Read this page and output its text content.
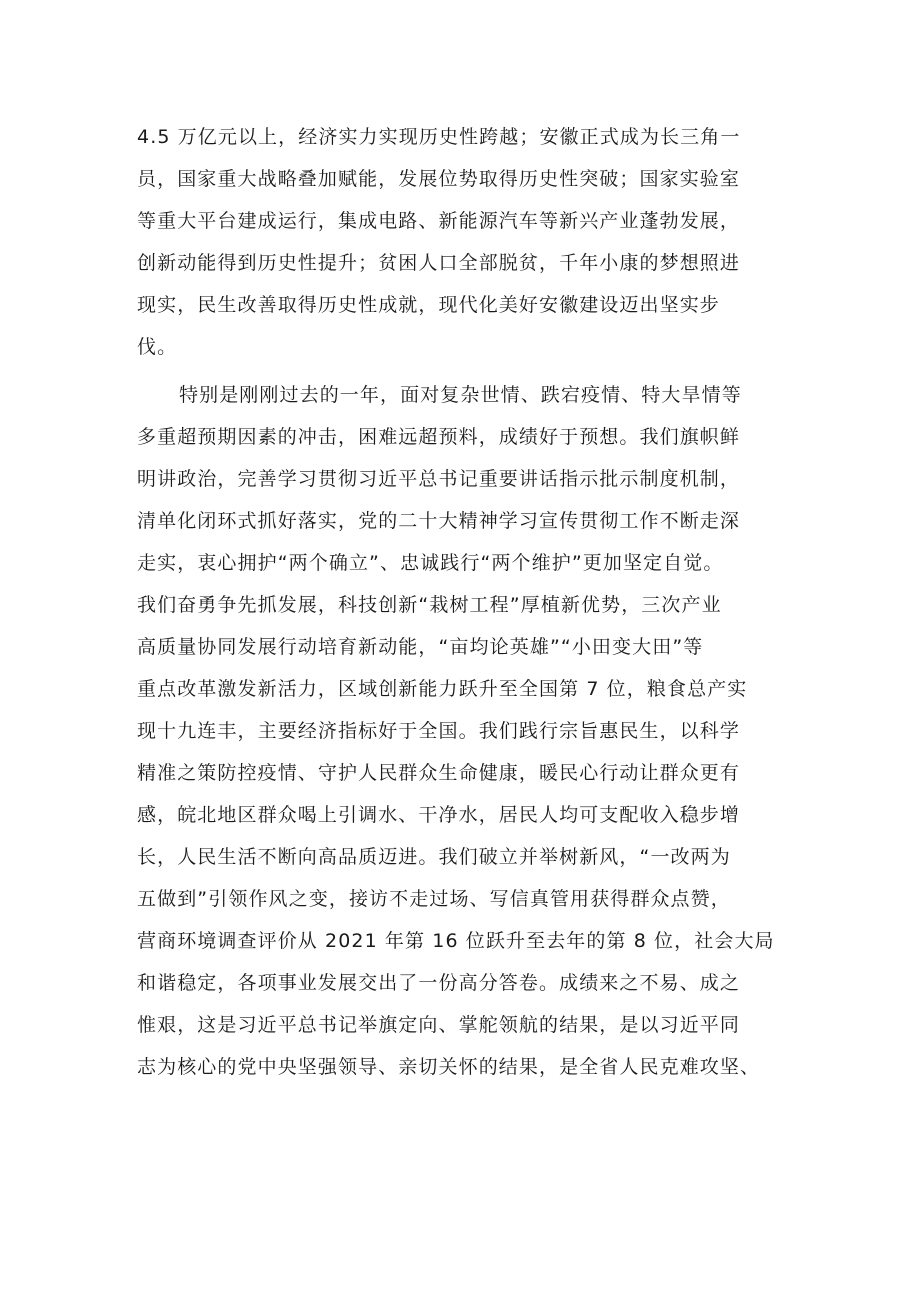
4.5 万亿元以上，经济实力实现历史性跨越；安徽正式成为长三角一
员，国家重大战略叠加赋能，发展位势取得历史性突破；国家实验室
等重大平台建成运行，集成电路、新能源汽车等新兴产业蓬勃发展，
创新动能得到历史性提升；贫困人口全部脱贫，千年小康的梦想照进
现实，民生改善取得历史性成就，现代化美好安徽建设迈出坚实步
伐。
特别是刚刚过去的一年，面对复杂世情、跌宕疫情、特大旱情等
多重超预期因素的冲击，困难远超预料，成绩好于预想。我们旗帜鲜
明讲政治，完善学习贯彻习近平总书记重要讲话指示批示制度机制，
清单化闭环式抓好落实，党的二十大精神学习宣传贯彻工作不断走深
走实，衷心拥护“两个确立”、忠诚践行“两个维护”更加坚定自觉。
我们奋勇争先抓发展，科技创新“栽树工程”厚植新优势，三次产业
高质量协同发展行动培育新动能，“亩均论英雄”“小田变大田”等
重点改革激发新活力，区域创新能力跃升至全国第 7 位，粮食总产实
现十九连丰，主要经济指标好于全国。我们践行宗旨惠民生，以科学
精准之策防控疫情、守护人民群众生命健康，暖民心行动让群众更有
感，皖北地区群众喝上引调水、干净水，居民人均可支配收入稳步增
长，人民生活不断向高品质迈进。我们破立并举树新风，“一改两为
五做到”引领作风之变，接访不走过场、写信真管用获得群众点赞，
营商环境调查评价从 2021 年第 16 位跃升至去年的第 8 位，社会大局
和谐稳定，各项事业发展交出了一份高分答卷。成绩来之不易、成之
惟艰，这是习近平总书记举旗定向、掌舵领航的结果，是以习近平同
志为核心的党中央坚强领导、亲切关怀的结果，是全省人民克难攻坚、
